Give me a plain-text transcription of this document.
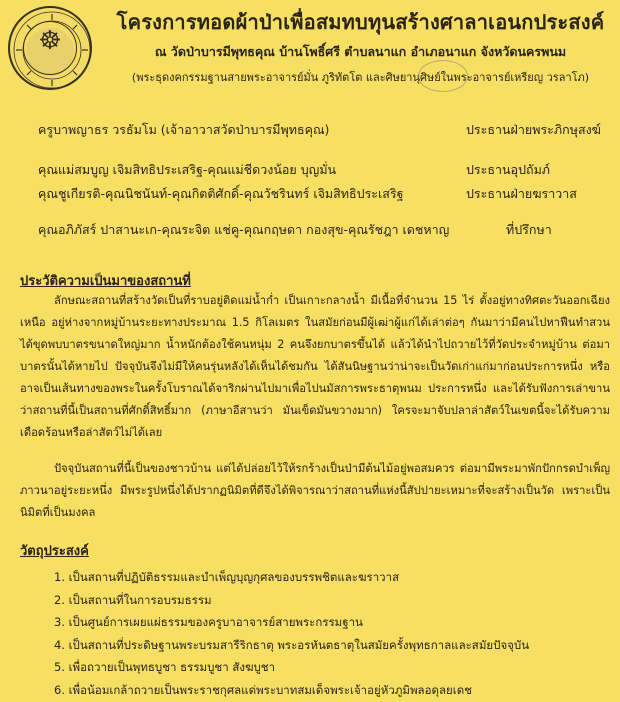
☸
โครงการทอดผ้าป่าเพื่อสมทบทุนสร้างศาลาเอนกประสงค์
ณ วัดป่าบารมีพุทธคุณ บ้านโพธิ์ศรี ตำบลนาแก อำเภอนาแก จังหวัดนครพนม
(พระธุดงคกรรมฐานสายพระอาจารย์มั่น ภูริทัตโต และศิษยานุศิษย์ในพระอาจารย์เหรียญ วรลาโภ)
ครูบาพญาธร วรธัมโม (เจ้าอาวาสวัดป่าบารมีพุทธคุณ)	ประธานฝ่ายพระภิกษุสงฆ์
คุณแม่สมบูญ เจิมสิทธิประเสริฐ-คุณแม่ชีดวงน้อย บุญมั่น	ประธานอุปถัมภ์
คุณชูเกียรติ-คุณนิชนันท์-คุณกิตติศักดิ์-คุณวัชรินทร์ เจิมสิทธิประเสริฐ	ประธานฝ่ายฆราวาส
คุณอภิภัสร์ ปาสานะเก-คุณระจิต แช่คู-คุณกฤษดา กองสุข-คุณรัชฎา เดชหาญ	ที่ปรึกษา
ประวัติความเป็นมาของสถานที่
ลักษณะสถานที่สร้างวัดเป็นที่ราบอยู่ติดแม่น้ำก่ำ เป็นเกาะกลางน้ำ มีเนื้อที่จำนวน 15 ไร่ ตั้งอยู่ทางทิศตะวันออกเฉียงเหนือ อยู่ห่างจากหมู่บ้านระยะทางประมาณ 1.5 กิโลเมตร ในสมัยก่อนมีผู้เฒ่าผู้แก่ได้เล่าต่อๆ กันมาว่ามีคนไปหาฟืนทำสวนได้ขุดพบบาตรขนาดใหญ่มาก น้ำหนักต้องใช้คนหนุ่ม 2 คนจึงยกบาตรขึ้นได้ แล้วได้นำไปถวายไว้ที่วัดประจำหมู่บ้าน ต่อมาบาตรนั้นได้หายไป ปัจจุบันจึงไม่มีให้คนรุ่นหลังได้เห็นได้ชมกัน ได้สันนิษฐานว่าน่าจะเป็นวัดเก่าแก่มาก่อนประการหนึ่ง หรืออาจเป็นเส้นทางของพระในครั้งโบราณได้จาริกผ่านไปมาเพื่อไปนมัสการพระธาตุพนม ประการหนึ่ง และได้รับฟังการเล่าขานว่าสถานที่นี้เป็นสถานที่ศักดิ์สิทธิ์มาก (ภาษาอีสานว่า มันเข็ดมันขวางมาก) ใครจะมาจับปลาล่าสัตว์ในเขตนี้จะได้รับความเดือดร้อนหรือล่าสัตว์ไม่ได้เลย
ปัจจุบันสถานที่นี้เป็นของชาวบ้าน แต่ได้ปล่อยไว้ให้รกร้างเป็นป่ามีต้นไม้อยู่พอสมควร ต่อมามีพระมาพักปักกรดบำเพ็ญภาวนาอยู่ระยะหนึ่ง มีพระรูปหนึ่งได้ปรากฏนิมิตที่ดีจึงได้พิจารณาว่าสถานที่แห่งนี้สัปปายะเหมาะที่จะสร้างเป็นวัด เพราะเป็นนิมิตที่เป็นมงคล
วัตถุประสงค์
1. เป็นสถานที่ปฏิบัติธรรมและบำเพ็ญบุญกุศลของบรรพชิตและฆราวาส
2. เป็นสถานที่ในการอบรมธรรม
3. เป็นศูนย์การเผยแผ่ธรรมของครูบาอาจารย์สายพระกรรมฐาน
4. เป็นสถานที่ประดิษฐานพระบรมสารีริกธาตุ พระอรหันตธาตุในสมัยครั้งพุทธกาลและสมัยปัจจุบัน
5. เพื่อถวายเป็นพุทธบูชา ธรรมบูชา สังฆบูชา
6. เพื่อน้อมเกล้าถวายเป็นพระราชกุศลแด่พระบาทสมเด็จพระเจ้าอยู่หัวภูมิพลอดุลยเดช
